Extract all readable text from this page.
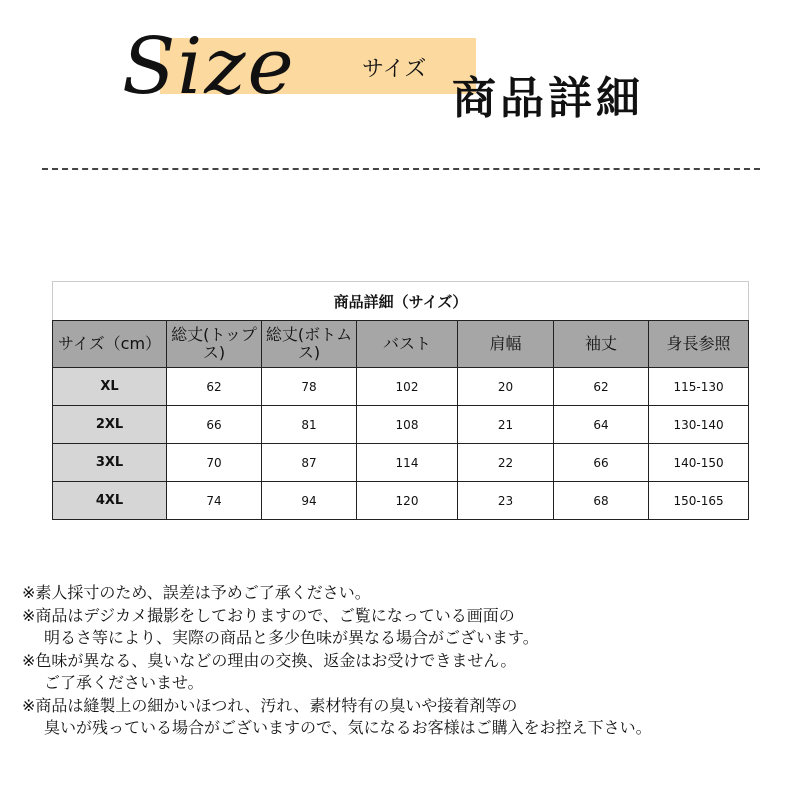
Size	サイズ
商品詳細
商品詳細（サイズ）						
サイズ（cm）	総丈(トップス)	総丈(ボトムス)	バスト	肩幅	袖丈	身長参照
XL	62	78	102	20	62	115-130
2XL	66	81	108	21	64	130-140
3XL	70	87	114	22	66	140-150
4XL	74	94	120	23	68	150-165
※素人採寸のため、誤差は予めご了承ください。
※商品はデジカメ撮影をしておりますので、ご覧になっている画面の
明るさ等により、実際の商品と多少色味が異なる場合がございます。
※色味が異なる、臭いなどの理由の交換、返金はお受けできません。
ご了承くださいませ。
※商品は縫製上の細かいほつれ、汚れ、素材特有の臭いや接着剤等の
臭いが残っている場合がございますので、気になるお客様はご購入をお控え下さい。
